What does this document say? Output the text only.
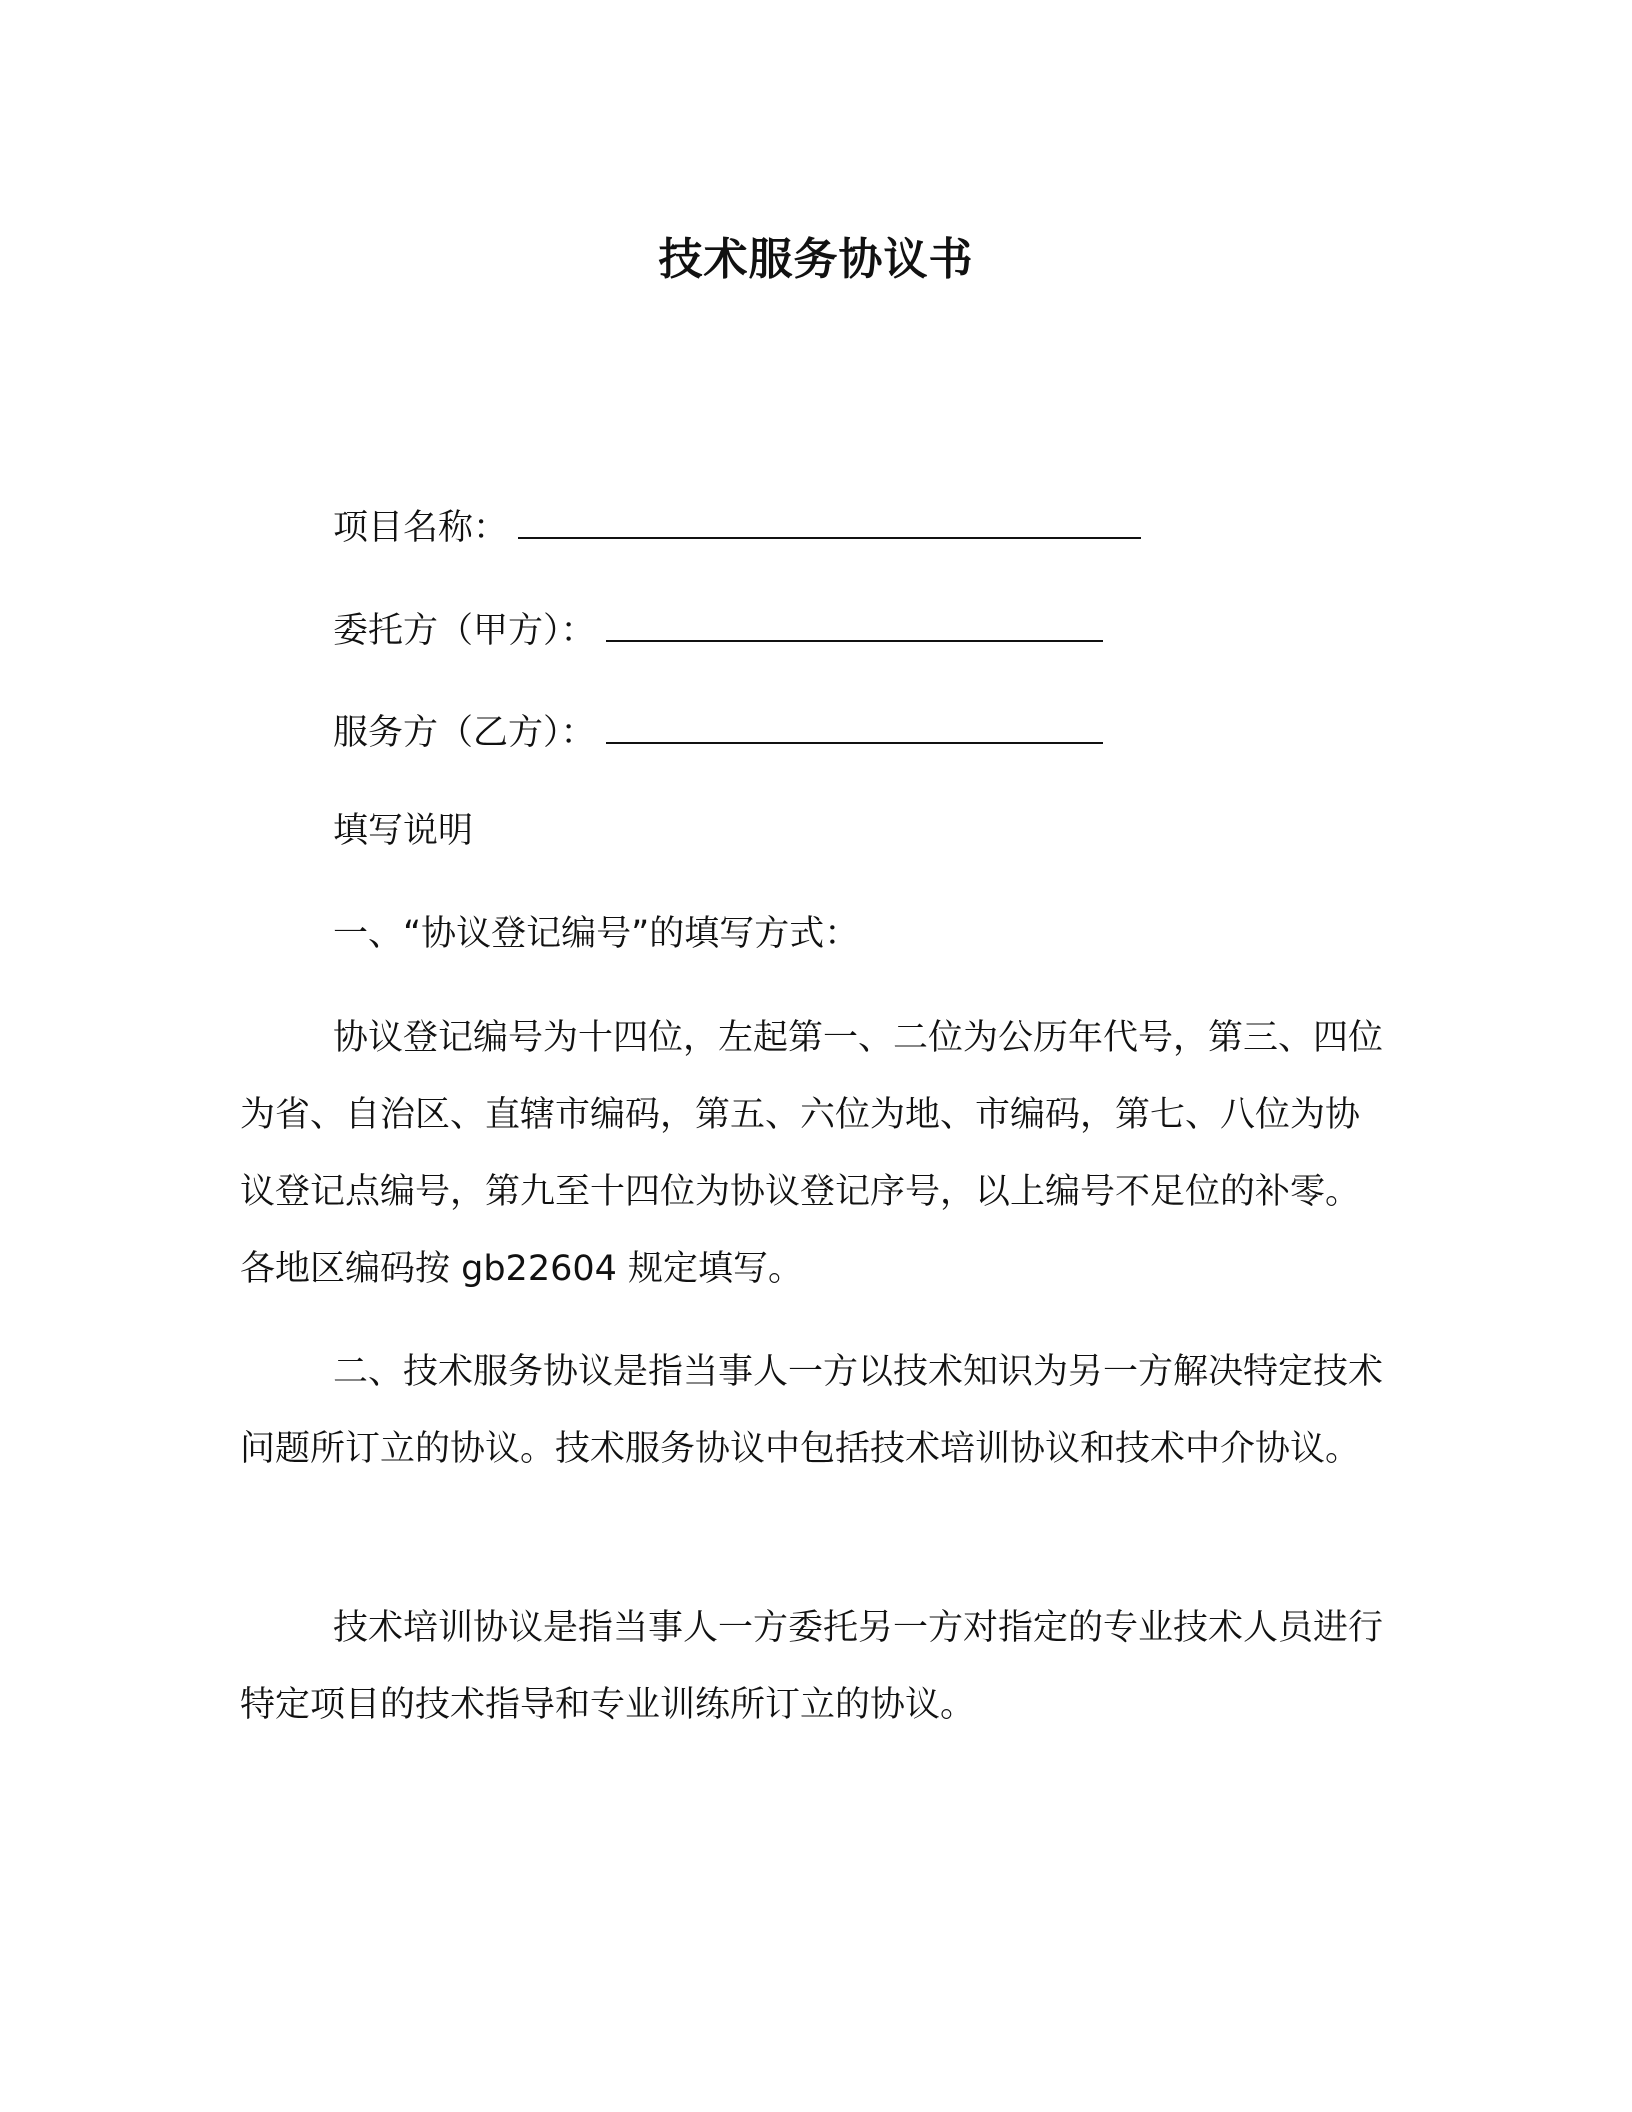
技术服务协议书
项目名称：
委托方（甲方）：
服务方（乙方）：
填写说明
一、“协议登记编号”的填写方式：
协议登记编号为十四位，左起第一、二位为公历年代号，第三、四位为省、自治区、直辖市编码，第五、六位为地、市编码，第七、八位为协议登记点编号，第九至十四位为协议登记序号，以上编号不足位的补零。各地区编码按 gb22604 规定填写。
二、技术服务协议是指当事人一方以技术知识为另一方解决特定技术问题所订立的协议。技术服务协议中包括技术培训协议和技术中介协议。
技术培训协议是指当事人一方委托另一方对指定的专业技术人员进行特定项目的技术指导和专业训练所订立的协议。
